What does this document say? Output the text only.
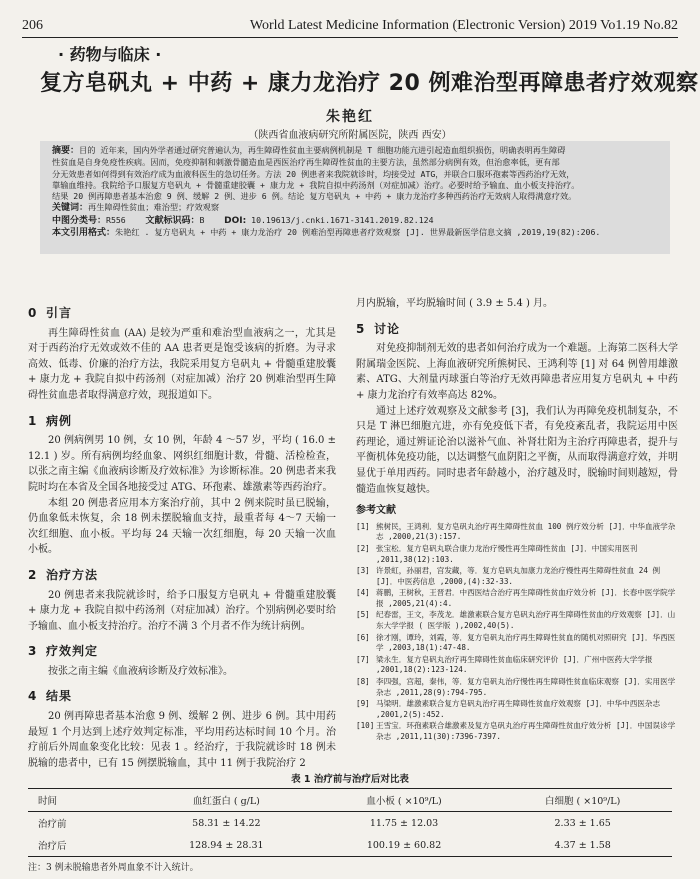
206	World Latest Medicine Information (Electronic Version) 2019 Vo1.19 No.82
· 药物与临床 ·
复方皂矾丸 + 中药 + 康力龙治疗 20 例难治型再障患者疗效观察
朱艳红
（陕西省血液病研究所附属医院，陕西 西安）
摘要：目的 近年来，国内外学者通过研究普遍认为，再生障碍性贫血主要病例机制是 T 细胞功能亢进引起造血组织损伤，明确表明再生障碍
性贫血是自身免疫性疾病。因而，免疫抑制和刺激骨髓造血是西医治疗再生障碍性贫血的主要方法，虽然部分病例有效，但治愈率低，更有部
分无效患者如何得到有效治疗成为血液科医生的急切任务。方法 20 例患者来我院就诊时，均接受过 ATG，并联合口服环孢素等西药治疗无效，
靠输血维持。我院给予口服复方皂矾丸 + 骨髓重建胶囊 + 康力龙 + 我院自拟中药汤剂（对症加减）治疗。必要时给予输血、血小板支持治疗。
结果 20 例再障患者基本治愈 9 例、缓解 2 例、进步 6 例。结论 复方皂矾丸 + 中药 + 康力龙治疗多种西药治疗无效病人取得满意疗效。
关键词：再生障碍性贫血；难治型；疗效观察
中图分类号：R556 文献标识码：B DOI: 10.19613/j.cnki.1671-3141.2019.82.124
本文引用格式：朱艳红 . 复方皂矾丸 + 中药 + 康力龙治疗 20 例难治型再障患者疗效观察 [J]. 世界最新医学信息文摘 ,2019,19(82):206.
0 引言

再生障碍性贫血 (AA) 是较为严重和难治型血液病之一，尤其是对于西药治疗无效或效不佳的 AA 患者更是饱受该病的折磨。为寻求高效、低毒、价廉的治疗方法，我院采用复方皂矾丸 + 骨髓重建胶囊 + 康力龙 + 我院自拟中药汤剂（对症加减）治疗 20 例难治型再生障碍性贫血患者取得满意疗效，现报道如下。

1 病例

20 例病例男 10 例，女 10 例，年龄 4 ～57 岁，平均 ( 16.0 ± 12.1 ) 岁。所有病例均经血象、网织红细胞计数，骨髓、活检检查，以张之南主编《血液病诊断及疗效标准》为诊断标准。20 例患者来我院时均在本省及全国各地接受过 ATG、环孢素、雄激素等西药治疗。

本组 20 例患者应用本方案治疗前，其中 2 例来院时虽已脱输，仍血象低未恢复，余 18 例未摆脱输血支持，最重者每 4～7 天输一次红细胞、血小板。平均每 24 天输一次红细胞，每 20 天输一次血小板。

2 治疗方法

20 例患者来我院就诊时，给予口服复方皂矾丸 + 骨髓重建胶囊 + 康力龙 + 我院自拟中药汤剂（对症加减）治疗。个别病例必要时给予输血、血小板支持治疗。治疗不满 3 个月者不作为统计病例。

3 疗效判定

按张之南主编《血液病诊断及疗效标准》。

4 结果

20 例再障患者基本治愈 9 例、缓解 2 例、进步 6 例。其中用药最短 1 个月达到上述疗效判定标准，平均用药达标时间 10 个月。治疗前后外周血象变化比较：见表 1 。经治疗，于我院就诊时 18 例未脱输的患者中，已有 15 例摆脱输血，其中 11 例于我院治疗 2

月内脱输，平均脱输时间 ( 3.9 ± 5.4 ) 月。

5 讨论

对免疫抑制剂无效的患者如何治疗成为一个难题。上海第二医科大学附属瑞金医院、上海血液研究所熊树民、王鸿利等 [1] 对 64 例曾用雄激素、ATG、大剂量丙球蛋白等治疗无效再障患者应用复方皂矾丸 + 中药 + 康力龙治疗有效率高达 82%。

通过上述疗效观察及文献参考 [3]，我们认为再障免疫机制复杂，不只是 T 淋巴细胞亢进，亦有免疫低下者，有免疫紊乱者，我院运用中医药理论，通过辨证论治以滋补气血、补肾壮阳为主治疗再障患者，提升与平衡机体免疫功能，以达调整气血阴阳之平衡，从而取得满意疗效，并明显优于单用西药。同时患者年龄越小，治疗越及时，脱输时间则越短，骨髓造血恢复越快。

参考文献
[1] 熊树民，王鸿利．复方皂矾丸治疗再生障碍性贫血 100 例疗效分析 [J]．中华血液学杂志 ,2000,21(3):157.
[2] 张宝松．复方皂矾丸联合康力龙治疗慢性再生障碍性贫血 [J]．中国实用医刊 ,2011,38(12):103.
[3] 许景虹，孙丽君，宫发藏，等．复方皂矾丸加康力龙治疗慢性再生障碍性贫血 24 例 [J]．中医药信息 ,2000,(4):32-33.
[4] 蒋鹏，王树秋，王晋君．中西医结合治疗再生障碍性贫血疗效分析 [J]．长春中医学院学报 ,2005,21(4):4.
[5] 纪春雷，王文，李茂龙．雄激素联合复方皂矾丸治疗再生障碍性贫血的疗效观察 [J]．山东大学学报 ( 医学版 ),2002,40(5).
[6] 徐才刚，谭玲，刘霞，等．复方皂矾丸治疗再生障碍性贫血的随机对照研究 [J]．华西医学 ,2003,18(1):47-48.
[7] 梁永生．复方皂矾丸治疗再生障碍性贫血临床研究评价 [J]．广州中医药大学学报 ,2001,18(2):123-124.
[8] 李四强，宫超，秦伟，等．复方皂矾丸治疗慢性再生障碍性贫血临床观察 [J]．实用医学杂志 ,2011,28(9):794-795.
[9] 马梁明．雄激素联合复方皂矾丸治疗再生障碍性贫血疗效观察 [J]．中华中西医杂志 ,2001,2(5):452.
[10] 王雪宝．环孢素联合雄激素及复方皂矾丸治疗再生障碍性贫血疗效分析 [J]．中国误诊学杂志 ,2011,11(30):7396-7397.
表 1 治疗前与治疗后对比表
时间	血红蛋白 ( g/L)	血小板 ( ×10⁹/L)	白细胞 ( ×10⁹/L)
治疗前	58.31 ± 14.22	11.75 ± 12.03	2.33 ± 1.65
治疗后	128.94 ± 28.31	100.19 ± 60.82	4.37 ± 1.58
注：3 例未脱输患者外周血象不计入统计。
